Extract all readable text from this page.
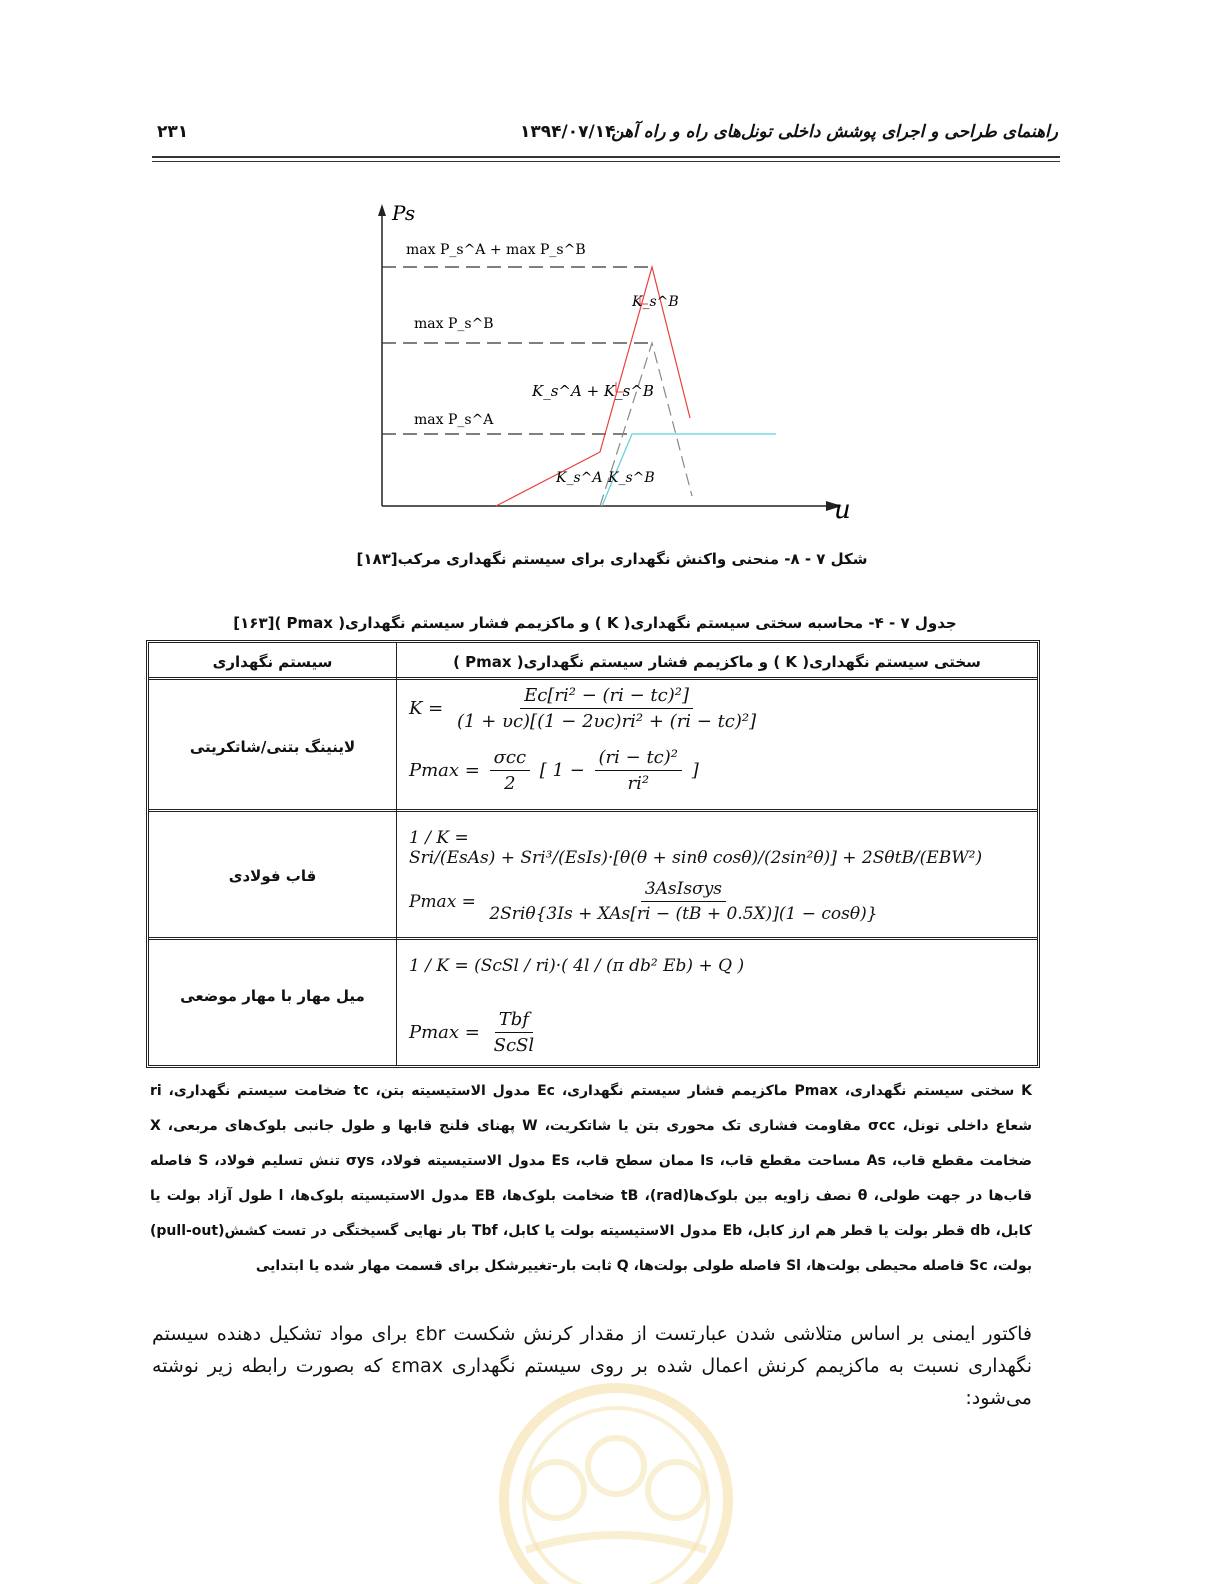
راهنمای طراحی و اجرای پوشش داخلی تونل‌های راه و راه آهن
۱۳۹۴/۰۷/۱۴
۲۳۱
Ps
u
max P_s^A + max P_s^B
max P_s^B
max P_s^A
K_s^B
K_s^A + K_s^B
K_s^A K_s^B
شکل ۷ - ۸- منحنی واکنش نگهداری برای سیستم نگهداری مرکب[۱۸۳]
جدول ۷ - ۴- محاسبه سختی سیستم نگهداری( K ) و ماکزیمم فشار سیستم نگهداری( Pmax )[۱۶۳]
سختی سیستم نگهداری( K ) و ماکزیمم فشار سیستم نگهداری( Pmax )
سیستم نگهداری
لاینینگ بتنی/شاتکریتی
$K = \frac{\text{Ec[ri² − (ri − tc)²]}}{\text{(1 + υc)[(1 − 2υc)ri² + (ri − tc)²]}}$
$Pmax = \frac{\text{σcc}}{2}$ [ $1 - \frac{\text{(ri − tc)²}}{\text{ri²}}$ ]
قاب فولادی
1 / K = Sri/(EsAs) + Sri³/(EsIs)·[θ(θ + sinθ cosθ)/(2sin²θ)] + 2SθtB/(EBW²)
$Pmax = \frac{\text{3AsIsσys}}{\text{2Sriθ\{3Is + XAs[ri − (tB + 0.5X)](1 − cosθ)\}}}$
میل مهار با مهار موضعی
1 / K = (ScSl / ri)·( 4l / (π db² Eb) + Q )
$Pmax = \frac{\text{Tbf}}{\text{ScSl}}$
K سختی سیستم نگهداری، Pmax ماکزیمم فشار سیستم نگهداری، Ec مدول الاستیسیته بتن، tc ضخامت سیستم نگهداری، ri شعاع داخلی تونل، σcc مقاومت فشاری تک محوری بتن یا شاتکریت، W پهنای فلنج قابها و طول جانبی بلوک‌های مربعی، X ضخامت مقطع قاب، As مساحت مقطع قاب، Is ممان سطح قاب، Es مدول الاستیسیته فولاد، σys تنش تسلیم فولاد، S فاصله قاب‌ها در جهت طولی، θ نصف زاویه بین بلوک‌ها(rad)، tB ضخامت بلوک‌ها، EB مدول الاستیسیته بلوک‌ها، l طول آزاد بولت یا کابل، db قطر بولت یا قطر هم ارز کابل، Eb مدول الاستیسیته بولت یا کابل، Tbf بار نهایی گسیختگی در تست کشش(pull-out) بولت، Sc فاصله محیطی بولت‌ها، Sl فاصله طولی بولت‌ها، Q ثابت بار-تغییرشکل برای قسمت مهار شده یا ابتدایی
فاکتور ایمنی بر اساس متلاشی شدن عبارتست از مقدار کرنش شکست εbr برای مواد تشکیل دهنده سیستم نگهداری نسبت به ماکزیمم کرنش اعمال شده بر روی سیستم نگهداری εmax که بصورت رابطه زیر نوشته می‌شود:
